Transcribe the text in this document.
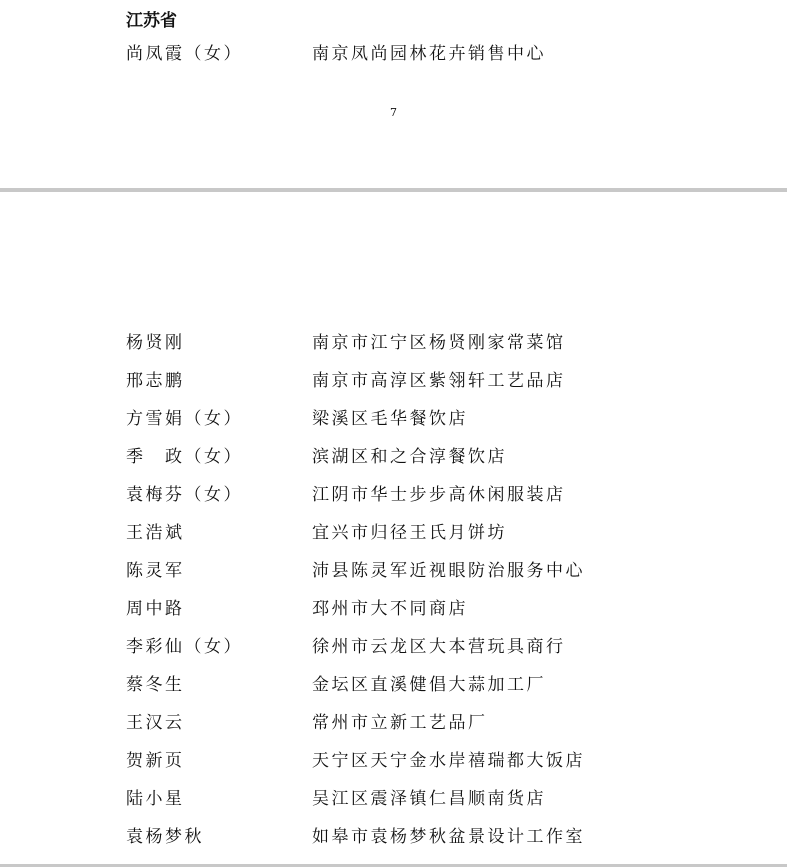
江苏省
尚凤霞（女）	南京凤尚园林花卉销售中心
7
杨贤刚	南京市江宁区杨贤刚家常菜馆
邢志鹏	南京市高淳区紫翎轩工艺品店
方雪娟（女）	梁溪区毛华餐饮店
季　政（女）	滨湖区和之合淳餐饮店
袁梅芬（女）	江阴市华士步步高休闲服装店
王浩斌	宜兴市归径王氏月饼坊
陈灵军	沛县陈灵军近视眼防治服务中心
周中路	邳州市大不同商店
李彩仙（女）	徐州市云龙区大本营玩具商行
蔡冬生	金坛区直溪健倡大蒜加工厂
王汉云	常州市立新工艺品厂
贺新页	天宁区天宁金水岸禧瑞都大饭店
陆小星	吴江区震泽镇仁昌顺南货店
袁杨梦秋	如皋市袁杨梦秋盆景设计工作室
